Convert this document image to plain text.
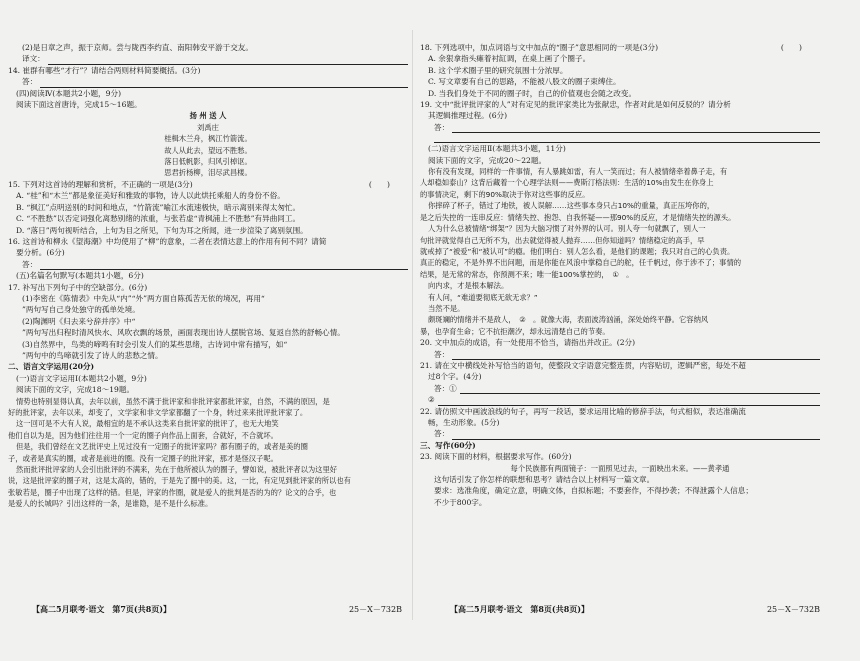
(2)是日章之声，振于京师。尝与陇西李约直、南阳韩安平游于交友。
译文：
14. 崔群有哪些“才行”？请结合两则材料简要概括。(3分)
答：
(四)阅读Ⅳ(本题共2小题，9分)
阅读下面这首唐诗，完成15～16题。
扬 州 送 人
刘禹庄
桂楫木兰舟，枫江竹箭流。
故人从此去，望远不胜愁。
落日低帆影，归风引棹讴。
思君折杨柳，泪尽武昌楼。
(　　)
15. 下列对这首诗的理解和赏析，不正确的一项是(3分)
A. “桂”和“木兰”都是象征美好和雅致的事物，诗人以此烘托乘船人的身份不俗。
B. “枫江”点明送别的时间和地点，“竹箭流”喻江水流速极快，暗示离别来得太匆忙。
C. “不胜愁”以否定词强化离愁别绪的浓重，与张若虚“青枫浦上不胜愁”有异曲同工。
D. “落日”两句视听结合，上句为目之所见，下句为耳之所闻，进一步渲染了离别氛围。
16. 这首诗和柳永《望海潮》中均使用了“柳”的意象，二者在表情达意上的作用有何不同？请简
要分析。(6分)
答：
(五)名篇名句默写(本题共1小题，6分)
17. 补写出下列句子中的空缺部分。(6分)
(1)李密在《陈情表》中先从“内”“外”两方面自陈孤苦无依的境况，再用“
”两句写自己身处独守的孤单处境。
(2)陶渊明《归去来兮辞并序》中“
”两句写出归程时清风快水、风吹衣飘的场景，画面表现出诗人摆脱官场、复返自然的舒畅心情。
(3)自然界中，鸟类的啼鸣有时会引发人们的某些思绪，古诗词中常有描写，如“
”两句中的鸟啼就引发了诗人的悲愁之情。
二、语言文字运用(20分)
(一)语言文字运用Ⅰ(本题共2小题，9分)
阅读下面的文字，完成18～19题。
情势也特别显得认真，去年以前，虽然不满于批评家和非批评家都批评家，自然，不满的原因，是
好的批评家，去年以来，却变了，文学家和非文学家都翻了一个身，转过来来批评批评家了。
这一回可是不大有人说，最相宜的是不承认这类来自批评家的批评了，也无大地笑
他们自以为是，因为他们往往用一个一定的圈子向作品上面套，合就好，不合就坏。
但是，我们曾经在文艺批评史上见过没有一定圈子的批评家吗？都有圈子的，或者是美的圈
子，或者是真实的圈，或者是前进的圈。没有一定圈子的批评家，那才是怪汉子呢。
然而批评批评家的人会引出批评的不满来，先在于他所被认为的圈子，譬如说，被批评者以为这里好
说，这是批评家的圈子对，这是太高的，错的，于是先了圈中的美。这，一比，有定见到批评家的所以也有
张敏若是，圈子中出现了这样的错。但是，评家的作圈，就是爱人的批判是否的为的？论文的合乎，也
是爱人的长城吗？引出这样的一条，是谁隐，是不是什么标准。
(　　)
18. 下列选项中，加点词语与文中加点的“圈子”意思相同的一项是(3分)
A. 余狠拿指头瘫着衬缸调，在桌上画了个圈子。
B. 这个学术圈子里的研究氛围十分浓厚。
C. 写文章要有自己的思路，不能被八股文的圈子束缚住。
D. 当我们身处于不同的圈子时，自己的价值观也会随之改变。
19. 文中“批评批评家的人”对有定见的批评家类比为张献忠，作者对此是如何反驳的？请分析
其逻辑推理过程。(6分)
答：
(二)语言文字运用Ⅱ(本题共3小题，11分)
阅读下面的文字，完成20～22题。
你有没有发现，同样的一件事情，有人暴跳如雷，有人一笑而过；有人被情绪牵着鼻子走，有
人却稳如泰山？这背后藏着一个心理学法则——费斯汀格法则：生活的10%由发生在你身上
的事情决定，剩下的90%取决于你对这些事的反应。
你摔碎了杯子，错过了地铁，被人误解……这些事本身只占10%的重量，真正压垮你的，
是之后失控的一连串反应：情绪失控、抱怨、自我怀疑——那90%的反应，才是情绪失控的源头。
人为什么总被情绪“绑架”？因为大脑习惯了对外界的认可。别人夸一句就飘了，别人一
句批评就觉得自己无所不为，出去就觉得被人抛弃……但你知道吗？情绪稳定的高手，早
就戒掉了“被爱”和“被认可”的瘾。他们明白：别人怎么看，是他们的课题；我只对自己的心负责。
真正的稳定，不是外界不出问题，而是你能在风浪中掌稳自己的舵，任千帆过，你于涉不了；事情的
结果，是无常的常态，你预测不来；唯一能100%掌控的，　①　。
向内求，才是根本解法。
有人问，“难道要彻底无欲无求？”
当然不是。
颇斑斓的情绪并不是敌人，　②　。就像大海，表面波涛汹涌，深处始终平静。它容纳风
暴，也孕育生命；它不抗拒潮汐，却永远清楚自己的节奏。
20. 文中加点的成语，有一处使用不恰当，请指出并改正。(2分)
答：
21. 请在文中横线处补写恰当的语句，使整段文字语意完整连贯，内容贴切，逻辑严密，每处不超
过8个字。(4分)
答：①
②
22. 请仿照文中画波浪线的句子，再写一段话，要求运用比喻的修辞手法，句式相似，表达准确流
畅，生动形象。(5分)
答：
三、写作(60分)
23. 阅读下面的材料，根据要求写作。(60分)
每个民族都有两面镜子：一面照见过去，一面映出未来。——黄孝通
这句话引发了你怎样的联想和思考？请结合以上材料写一篇文章。
要求：选准角度，确定立意，明确文体，自拟标题；不要套作，不得抄袭；不得泄露个人信息；
不少于800字。
【高二5月联考·语文　第7页(共8页)】	25－X－732B	【高二5月联考·语文　第8页(共8页)】	25－X－732B
